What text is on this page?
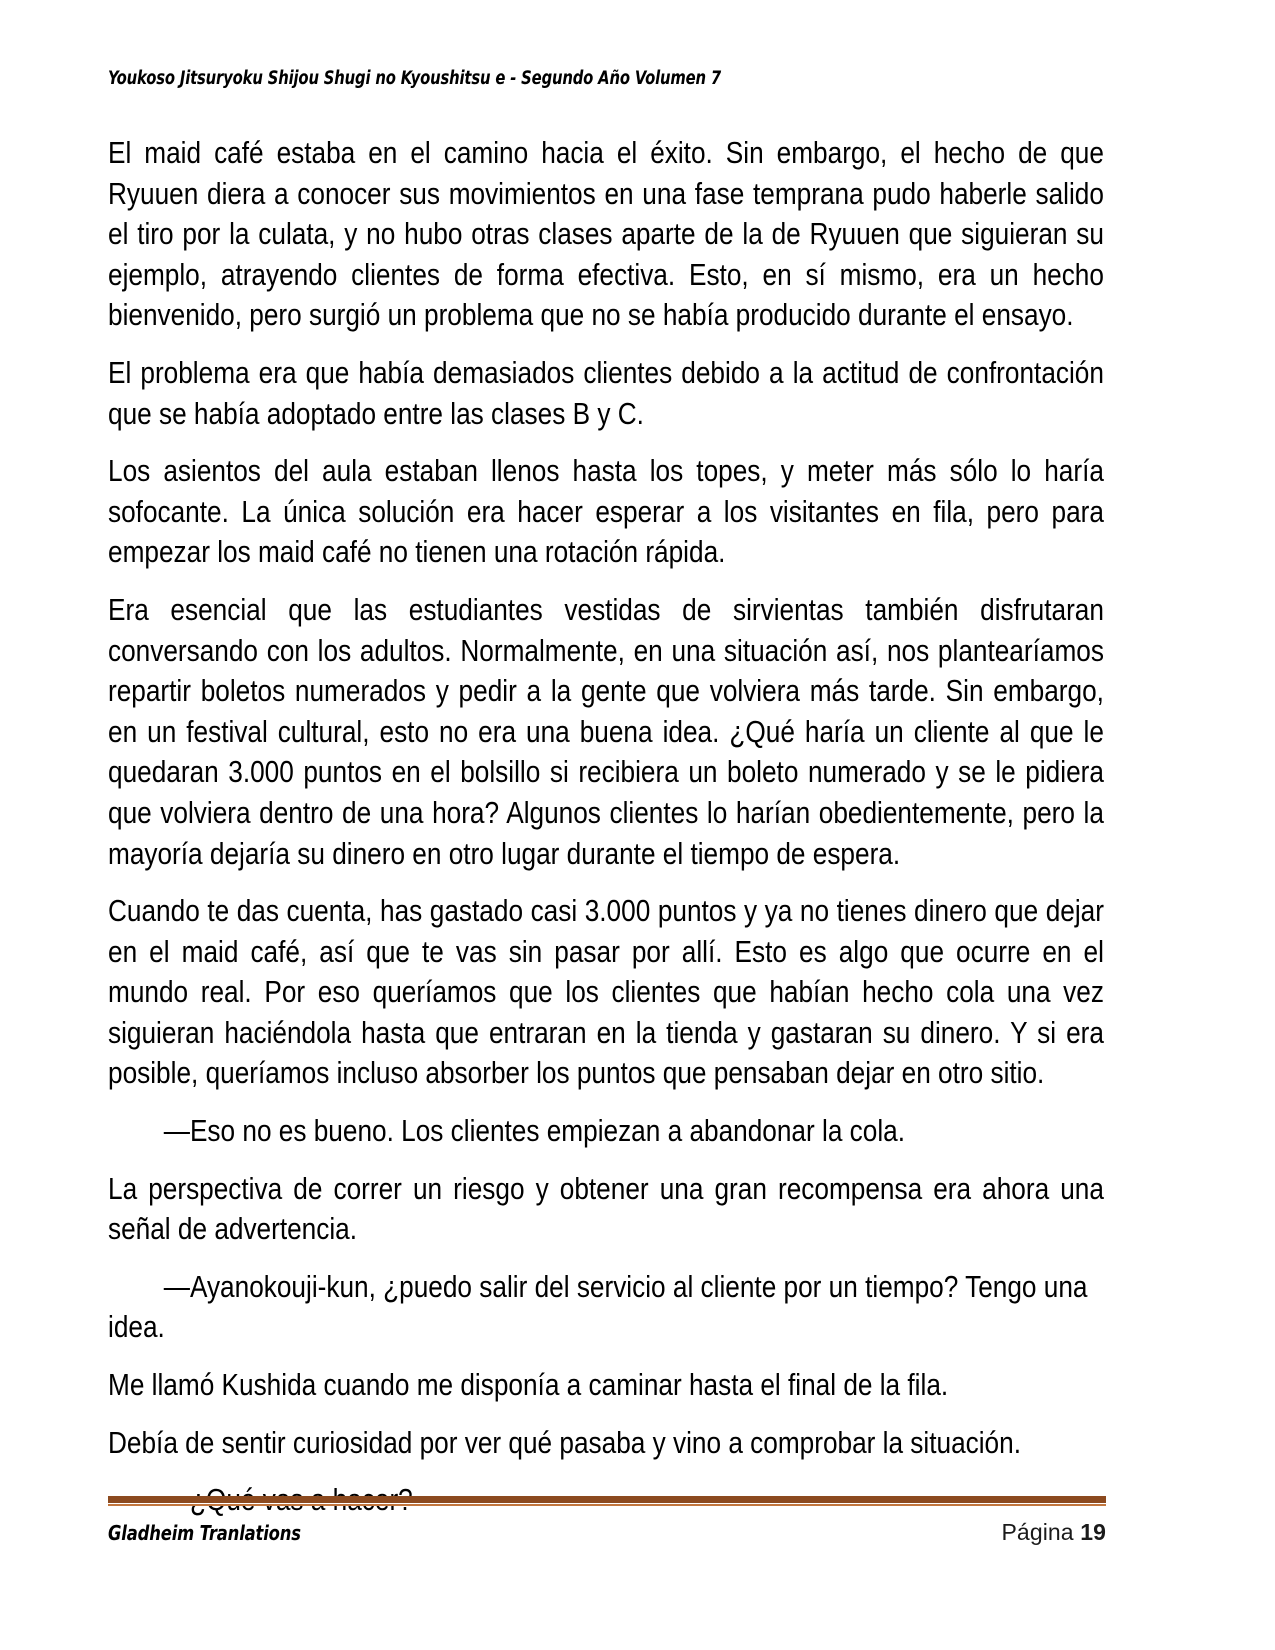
Youkoso Jitsuryoku Shijou Shugi no Kyoushitsu e - Segundo Año Volumen 7

El maid café estaba en el camino hacia el éxito. Sin embargo, el hecho de que Ryuuen diera a conocer sus movimientos en una fase temprana pudo haberle salido el tiro por la culata, y no hubo otras clases aparte de la de Ryuuen que siguieran su ejemplo, atrayendo clientes de forma efectiva. Esto, en sí mismo, era un hecho bienvenido, pero surgió un problema que no se había producido durante el ensayo.

El problema era que había demasiados clientes debido a la actitud de confrontación que se había adoptado entre las clases B y C.

Los asientos del aula estaban llenos hasta los topes, y meter más sólo lo haría sofocante. La única solución era hacer esperar a los visitantes en fila, pero para empezar los maid café no tienen una rotación rápida.

Era esencial que las estudiantes vestidas de sirvientas también disfrutaran conversando con los adultos. Normalmente, en una situación así, nos plantearíamos repartir boletos numerados y pedir a la gente que volviera más tarde. Sin embargo, en un festival cultural, esto no era una buena idea. ¿Qué haría un cliente al que le quedaran 3.000 puntos en el bolsillo si recibiera un boleto numerado y se le pidiera que volviera dentro de una hora? Algunos clientes lo harían obedientemente, pero la mayoría dejaría su dinero en otro lugar durante el tiempo de espera.

Cuando te das cuenta, has gastado casi 3.000 puntos y ya no tienes dinero que dejar en el maid café, así que te vas sin pasar por allí. Esto es algo que ocurre en el mundo real. Por eso queríamos que los clientes que habían hecho cola una vez siguieran haciéndola hasta que entraran en la tienda y gastaran su dinero. Y si era posible, queríamos incluso absorber los puntos que pensaban dejar en otro sitio.

—Eso no es bueno. Los clientes empiezan a abandonar la cola.

La perspectiva de correr un riesgo y obtener una gran recompensa era ahora una señal de advertencia.

—Ayanokouji-kun, ¿puedo salir del servicio al cliente por un tiempo? Tengo una idea.

Me llamó Kushida cuando me disponía a caminar hasta el final de la fila.

Debía de sentir curiosidad por ver qué pasaba y vino a comprobar la situación.

Gladheim Tranlations	Página 19
